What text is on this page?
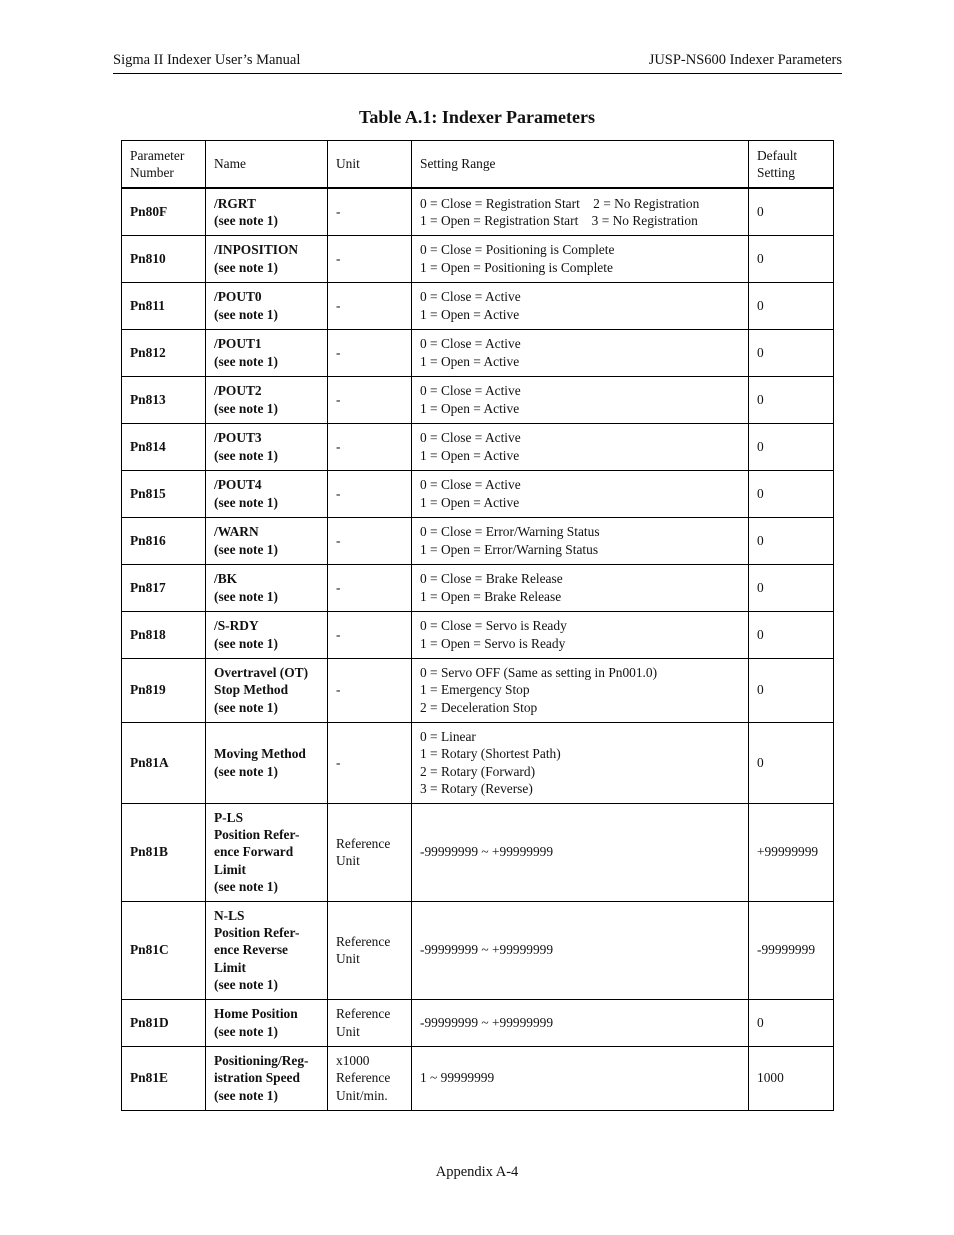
Sigma II Indexer User’s Manual	JUSP-NS600 Indexer Parameters
Table A.1: Indexer Parameters
Parameter
Number	Name	Unit	Setting Range	Default
Setting

Pn80F	/RGRT
(see note 1)	-	0 = Close = Registration Start    2 = No Registration
1 = Open = Registration Start    3 = No Registration	0
Pn810	/INPOSITION
(see note 1)	-	0 = Close = Positioning is Complete
1 = Open = Positioning is Complete	0
Pn811	/POUT0
(see note 1)	-	0 = Close = Active
1 = Open = Active	0
Pn812	/POUT1
(see note 1)	-	0 = Close = Active
1 = Open = Active	0
Pn813	/POUT2
(see note 1)	-	0 = Close = Active
1 = Open = Active	0
Pn814	/POUT3
(see note 1)	-	0 = Close = Active
1 = Open = Active	0
Pn815	/POUT4
(see note 1)	-	0 = Close = Active
1 = Open = Active	0
Pn816	/WARN
(see note 1)	-	0 = Close = Error/Warning Status
1 = Open = Error/Warning Status	0
Pn817	/BK
(see note 1)	-	0 = Close = Brake Release
1 = Open = Brake Release	0
Pn818	/S-RDY
(see note 1)	-	0 = Close = Servo is Ready
1 = Open = Servo is Ready	0
Pn819	Overtravel (OT)
Stop Method
(see note 1)	-	0 = Servo OFF (Same as setting in Pn001.0)
1 = Emergency Stop
2 = Deceleration Stop	0
Pn81A	Moving Method
(see note 1)	-	0 = Linear
1 = Rotary (Shortest Path)
2 = Rotary (Forward)
3 = Rotary (Reverse)	0
Pn81B	P-LS
Position Refer-
ence Forward
Limit
(see note 1)	Reference
Unit	-99999999 ~ +99999999	+99999999
Pn81C	N-LS
Position Refer-
ence Reverse
Limit
(see note 1)	Reference
Unit	-99999999 ~ +99999999	-99999999
Pn81D	Home Position
(see note 1)	Reference
Unit	-99999999 ~ +99999999	0
Pn81E	Positioning/Reg-
istration Speed
(see note 1)	x1000
Reference
Unit/min.	1 ~ 99999999	1000
Appendix A-4
